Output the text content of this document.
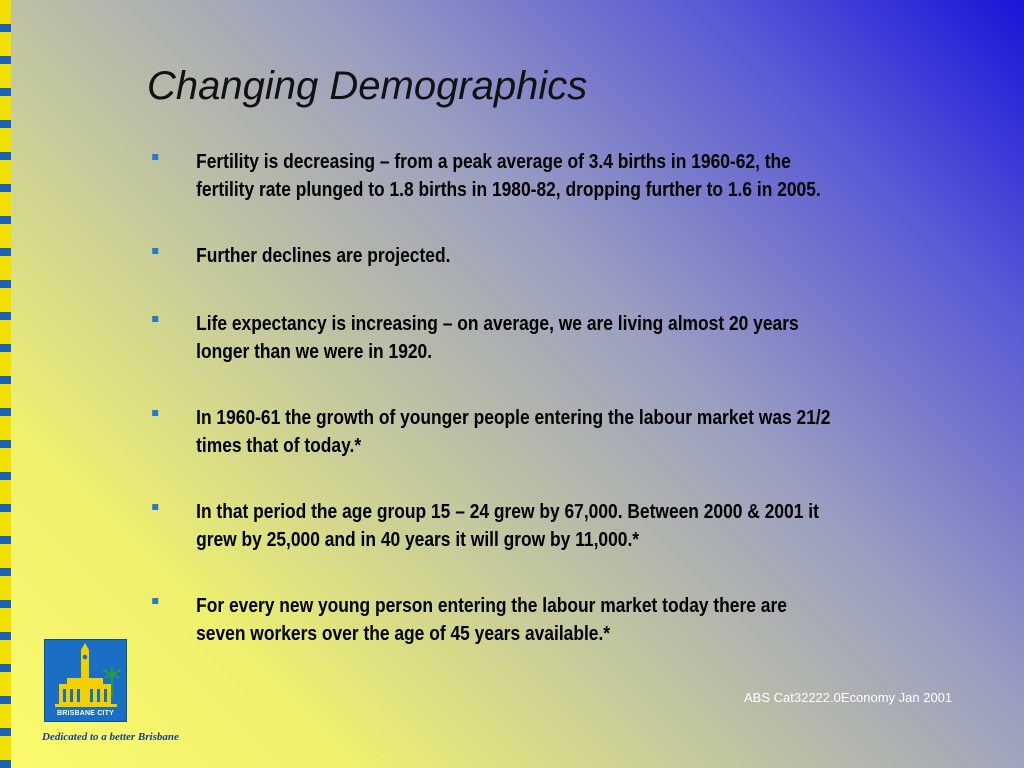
Changing Demographics
Fertility is decreasing – from a peak average of 3.4 births in 1960-62, the
fertility rate plunged to 1.8 births in 1980-82, dropping further to 1.6 in 2005.
Further declines are projected.
Life expectancy is increasing – on average, we are living almost 20 years
longer than we were in 1920.
In 1960-61 the growth of younger people entering the labour market was 21/2
times that of today.*
In that period the age group 15 – 24 grew by 67,000. Between 2000 & 2001 it
grew by 25,000 and in 40 years it will grow by 11,000.*
For every new young person entering the labour market today there are
seven workers over the age of 45 years available.*
BRISBANE CITY
Dedicated to a better Brisbane
ABS Cat32222.0Economy Jan 2001
